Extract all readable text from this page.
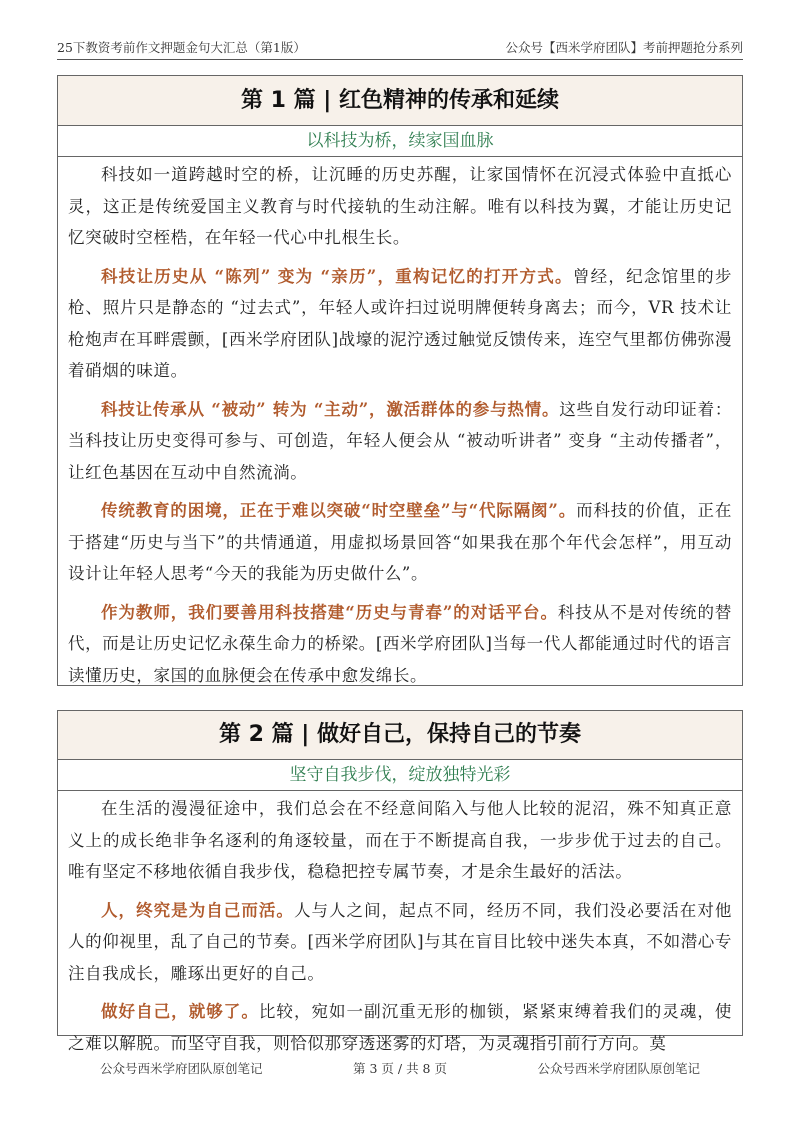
25下教资考前作文押题金句大汇总（第1版）	公众号【西米学府团队】考前押题抢分系列
第 1 篇 | 红色精神的传承和延续
以科技为桥，续家国血脉

科技如一道跨越时空的桥，让沉睡的历史苏醒，让家国情怀在沉浸式体验中直抵心灵，这正是传统爱国主义教育与时代接轨的生动注解。唯有以科技为翼，才能让历史记忆突破时空桎梏，在年轻一代心中扎根生长。

科技让历史从 “陈列” 变为 “亲历”，重构记忆的打开方式。曾经，纪念馆里的步枪、照片只是静态的 “过去式”，年轻人或许扫过说明牌便转身离去；而今，VR 技术让枪炮声在耳畔震颤，[西米学府团队]战壕的泥泞透过触觉反馈传来，连空气里都仿佛弥漫着硝烟的味道。

科技让传承从 “被动” 转为 “主动”，激活群体的参与热情。这些自发行动印证着：当科技让历史变得可参与、可创造，年轻人便会从 “被动听讲者” 变身 “主动传播者”，让红色基因在互动中自然流淌。

传统教育的困境，正在于难以突破“时空壁垒”与“代际隔阂”。而科技的价值，正在于搭建“历史与当下”的共情通道，用虚拟场景回答“如果我在那个年代会怎样”，用互动设计让年轻人思考“今天的我能为历史做什么”。

作为教师，我们要善用科技搭建“历史与青春”的对话平台。科技从不是对传统的替代，而是让历史记忆永葆生命力的桥梁。[西米学府团队]当每一代人都能通过时代的语言读懂历史，家国的血脉便会在传承中愈发绵长。

第 2 篇 | 做好自己，保持自己的节奏
坚守自我步伐，绽放独特光彩

在生活的漫漫征途中，我们总会在不经意间陷入与他人比较的泥沼，殊不知真正意义上的成长绝非争名逐利的角逐较量，而在于不断提高自我，一步步优于过去的自己。唯有坚定不移地依循自我步伐，稳稳把控专属节奏，才是余生最好的活法。

人，终究是为自己而活。人与人之间，起点不同，经历不同，我们没必要活在对他人的仰视里，乱了自己的节奏。[西米学府团队]与其在盲目比较中迷失本真，不如潜心专注自我成长，雕琢出更好的自己。

做好自己，就够了。比较，宛如一副沉重无形的枷锁，紧紧束缚着我们的灵魂，使之难以解脱。而坚守自我，则恰似那穿透迷雾的灯塔，为灵魂指引前行方向。莫

公众号西米学府团队原创笔记	第 3 页 / 共 8 页	公众号西米学府团队原创笔记
